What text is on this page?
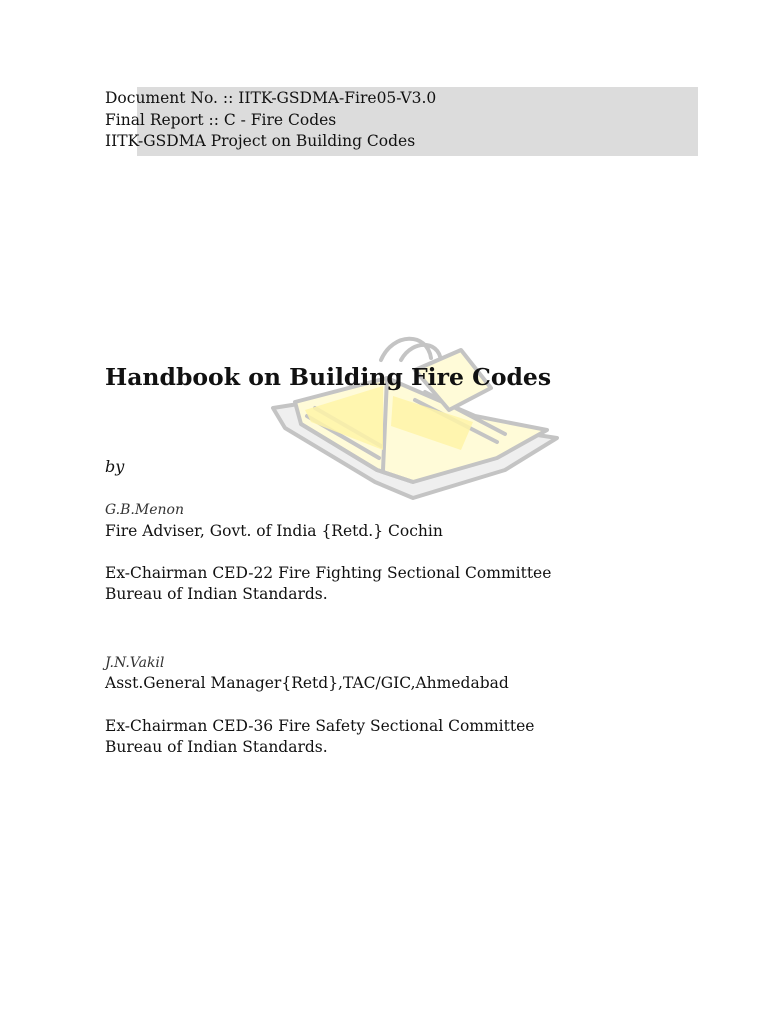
Document No. :: IITK-GSDMA-Fire05-V3.0
Final Report :: C - Fire Codes
IITK-GSDMA Project on Building Codes
Handbook on Building Fire Codes
by
G.B.Menon
Fire Adviser, Govt. of India {Retd.} Cochin
Ex-Chairman CED-22 Fire Fighting Sectional Committee
Bureau of Indian Standards.
J.N.Vakil
Asst.General Manager{Retd},TAC/GIC,Ahmedabad
Ex-Chairman CED-36 Fire Safety Sectional Committee
Bureau of Indian Standards.
